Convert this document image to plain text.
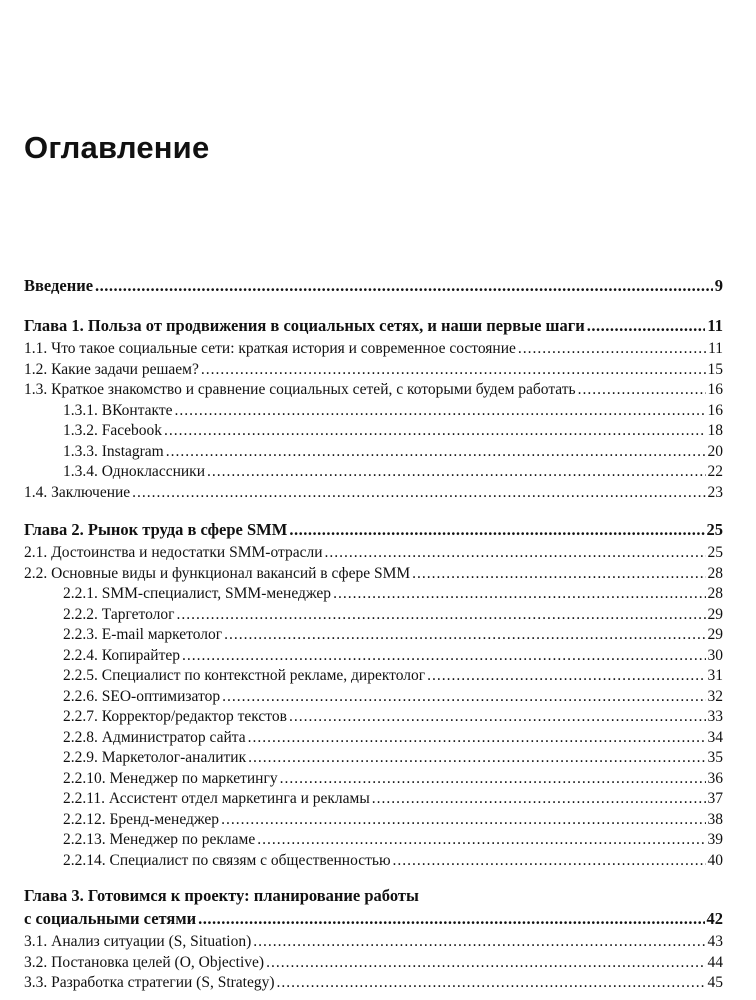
Оглавление
Введение .....	9
Глава 1. Польза от продвижения в социальных сетях, и наши первые шаги .....	11
1.1. Что такое социальные сети: краткая история и современное состояние .....	11
1.2. Какие задачи решаем? .....	15
1.3. Краткое знакомство и сравнение социальных сетей, с которыми будем работать .....	16
1.3.1. ВКонтакте .....	16
1.3.2. Facebook .....	18
1.3.3. Instagram .....	20
1.3.4. Одноклассники .....	22
1.4. Заключение .....	23
Глава 2. Рынок труда в сфере SMM .....	25
2.1. Достоинства и недостатки SMM-отрасли .....	25
2.2. Основные виды и функционал вакансий в сфере SMM .....	28
2.2.1. SMM-специалист, SMM-менеджер .....	28
2.2.2. Таргетолог .....	29
2.2.3. E-mail маркетолог .....	29
2.2.4. Копирайтер .....	30
2.2.5. Специалист по контекстной рекламе, директолог .....	31
2.2.6. SEO-оптимизатор .....	32
2.2.7. Корректор/редактор текстов .....	33
2.2.8. Администратор сайта .....	34
2.2.9. Маркетолог-аналитик .....	35
2.2.10. Менеджер по маркетингу .....	36
2.2.11. Ассистент отдел маркетинга и рекламы .....	37
2.2.12. Бренд-менеджер .....	38
2.2.13. Менеджер по рекламе .....	39
2.2.14. Специалист по связям с общественностью .....	40
Глава 3. Готовимся к проекту: планирование работы
с социальными сетями .....	42
3.1. Анализ ситуации (S, Situation) .....	43
3.2. Постановка целей (O, Objective) .....	44
3.3. Разработка стратегии (S, Strategy) .....	45
